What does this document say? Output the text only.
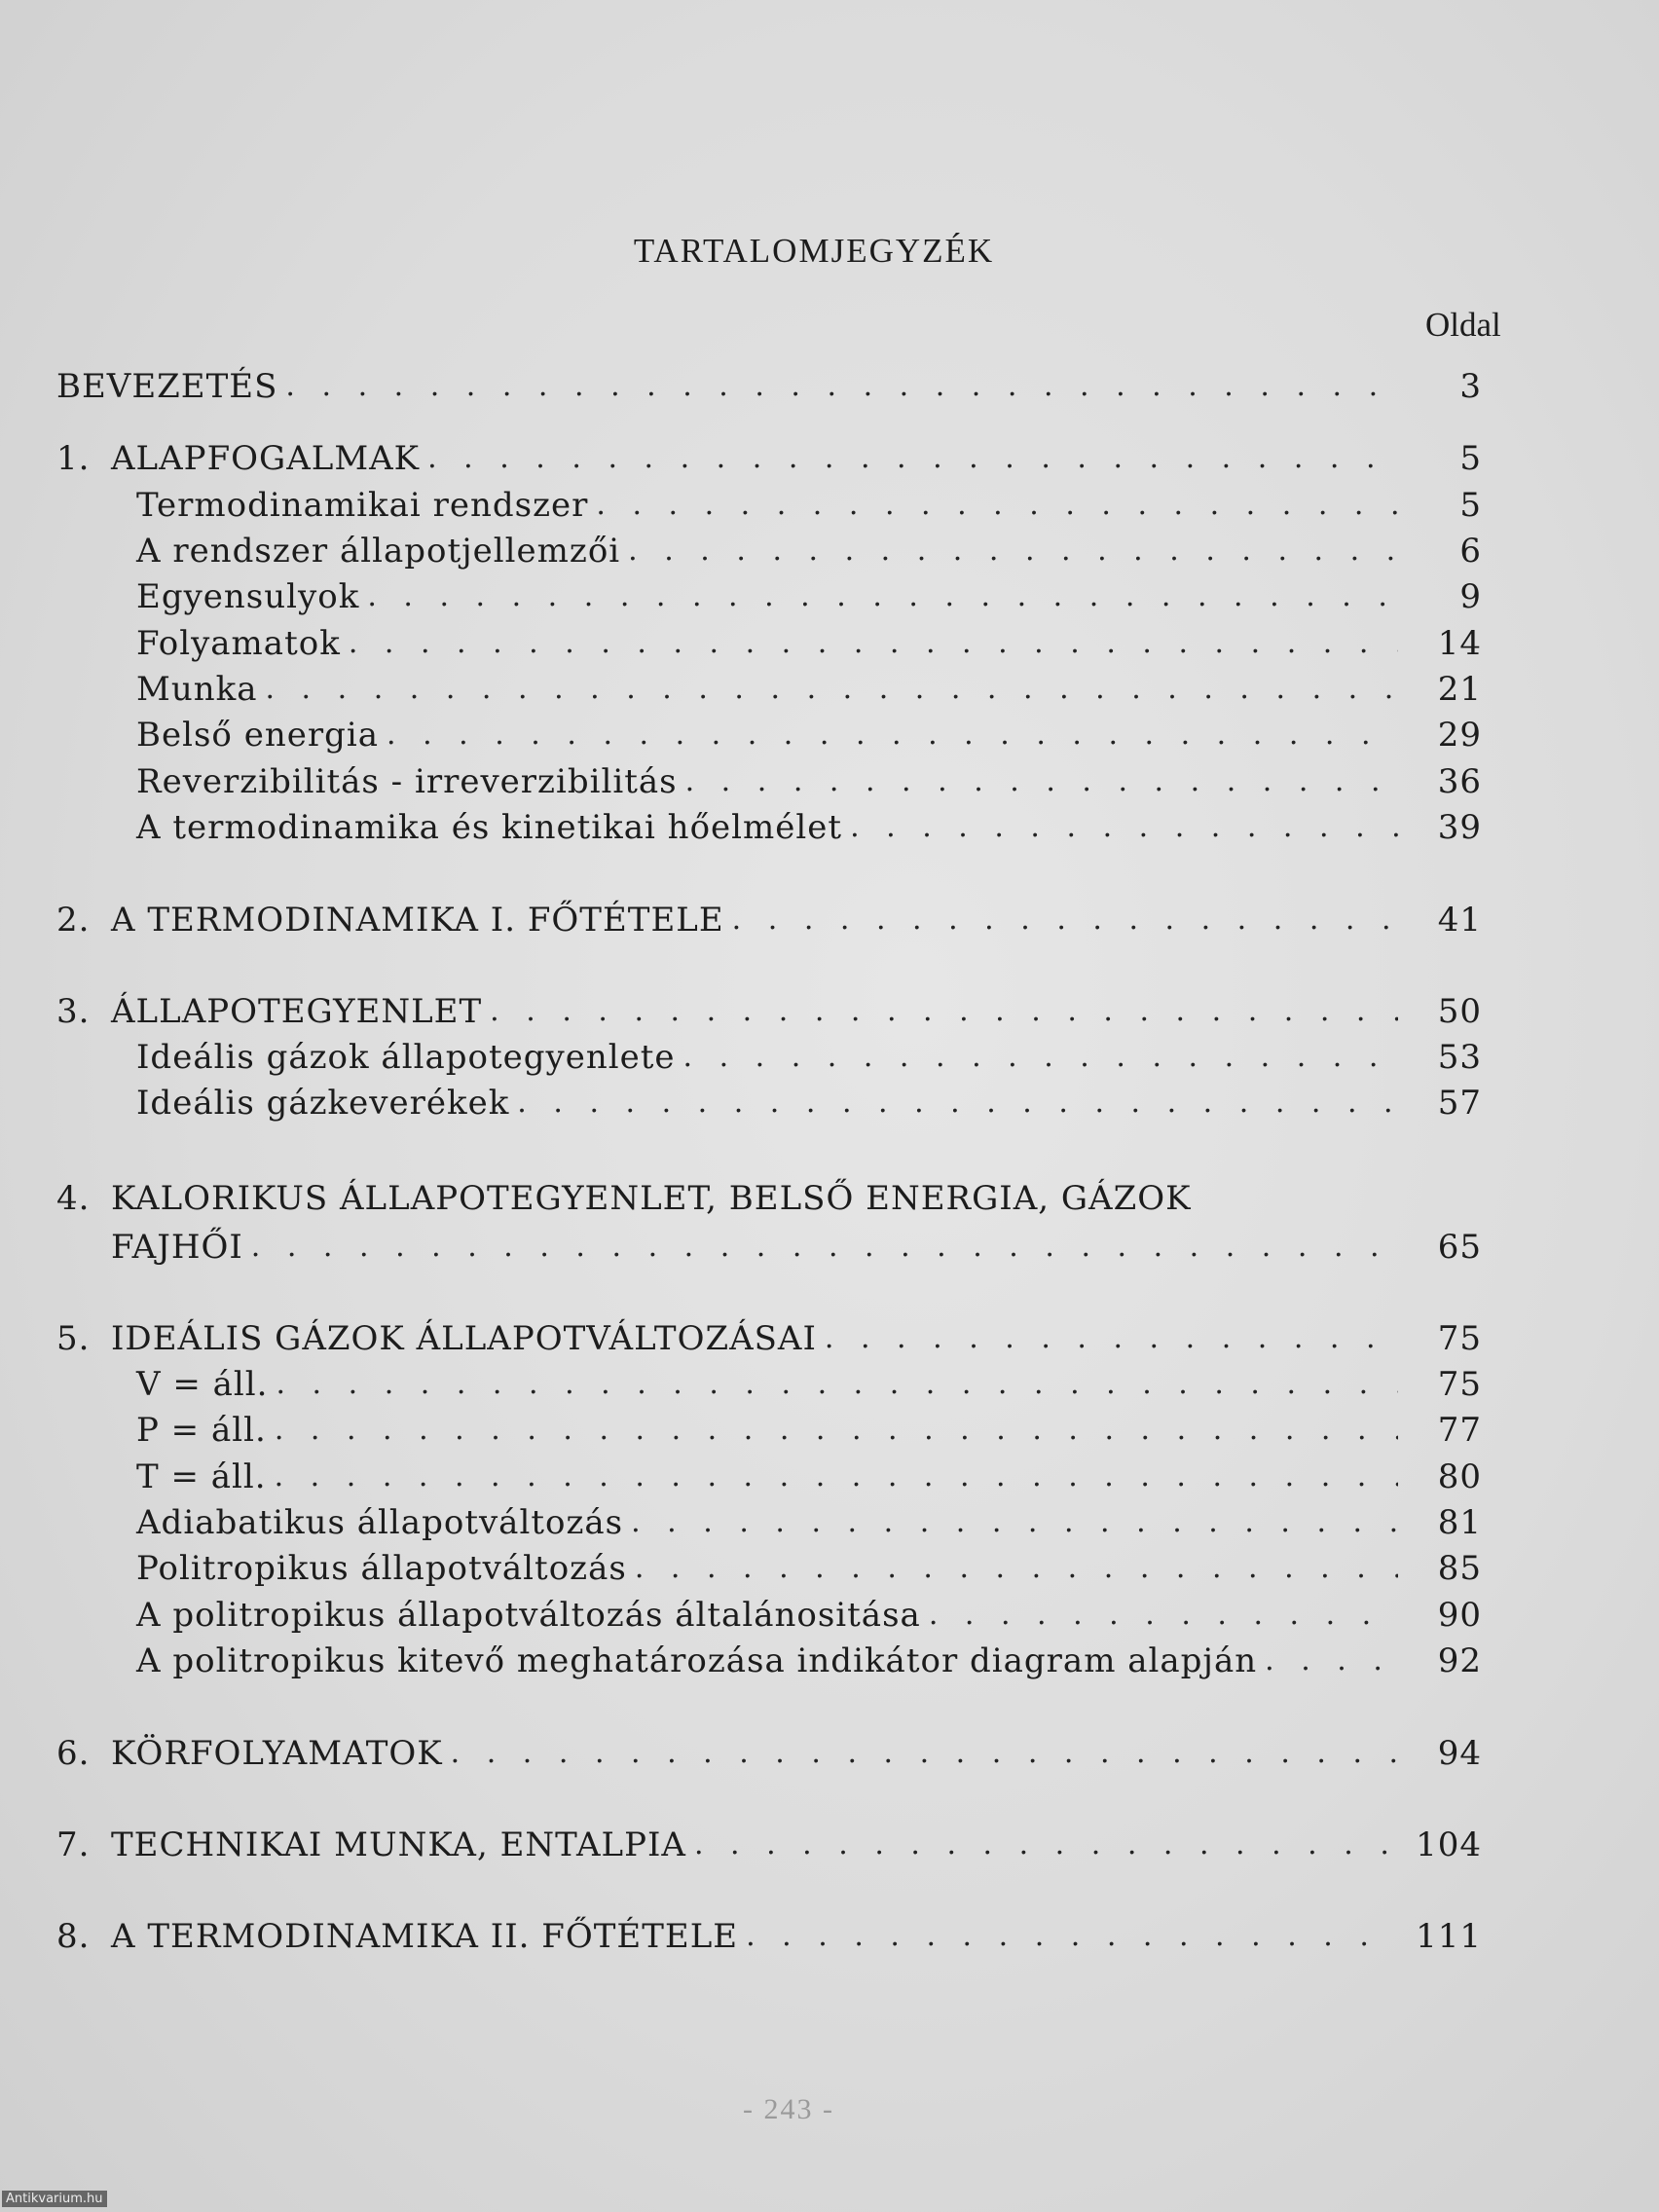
TARTALOMJEGYZÉK
Oldal
BEVEZETÉS . . .	3
1. ALAPFOGALMAK . . .	5
Termodinamikai rendszer . . .	5
A rendszer állapotjellemzői . . .	6
Egyensulyok . . .	9
Folyamatok . . .	14
Munka . . .	21
Belső energia . . .	29
Reverzibilitás - irreverzibilitás . . .	36
A termodinamika és kinetikai hőelmélet . . .	39
2. A TERMODINAMIKA I. FŐTÉTELE . . .	41
3. ÁLLAPOTEGYENLET . . .	50
Ideális gázok állapotegyenlete . . .	53
Ideális gázkeverékek . . .	57
4. KALORIKUS ÁLLAPOTEGYENLET, BELSŐ ENERGIA, GÁZOK
FAJHŐI . . .	65
5. IDEÁLIS GÁZOK ÁLLAPOTVÁLTOZÁSAI . . .	75
V = áll. . . .	75
P = áll. . . .	77
T = áll. . . .	80
Adiabatikus állapotváltozás . . .	81
Politropikus állapotváltozás . . .	85
A politropikus állapotváltozás általánositása . . .	90
A politropikus kitevő meghatározása indikátor diagram alapján . . .	92
6. KÖRFOLYAMATOK . . .	94
7. TECHNIKAI MUNKA, ENTALPIA . . .	104
8. A TERMODINAMIKA II. FŐTÉTELE . . .	111
- 243 -
Antikvarium.hu
